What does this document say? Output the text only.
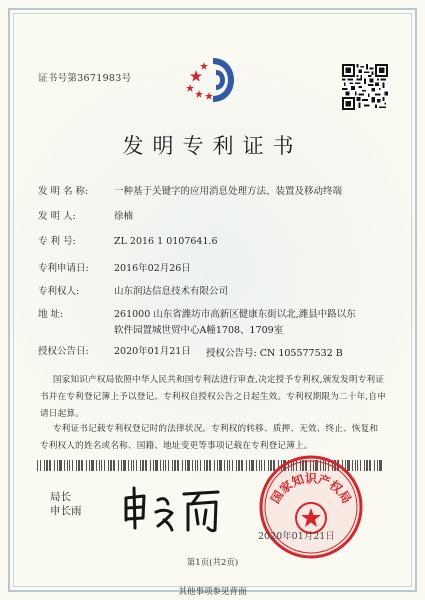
证书号第3671983号
发明专利证书
发 明 名 称:	一种基于关键字的应用消息处理方法、装置及移动终端
发 明 人:	徐楠
专 利 号:	ZL 2016 1 0107641.6
专利申请日:	2016年02月26日
专利权人:	山东润达信息技术有限公司
地 址:	261000 山东省潍坊市高新区健康东街以北,潍县中路以东
软件园置城世贸中心A幢1708、1709室
授权公告日:	2020年01月21日 授权公告号: CN 105577532 B
国家知识产权局依照中华人民共和国专利法进行审查,决定授予专利权,颁发发明专利证书并在专利登记簿上予以登记。专利权自授权公告之日起生效。专利权期限为二十年,自申请日起算。
专利证书记载专利权登记时的法律状况。专利权的转移、质押、无效、终止、恢复和专利权人的姓名或名称、国籍、地址变更等事项记载在专利登记簿上。
局长
申长雨
国家知识产权局
2020年01月21日
第1页(共2页)
其他事项参见背面
